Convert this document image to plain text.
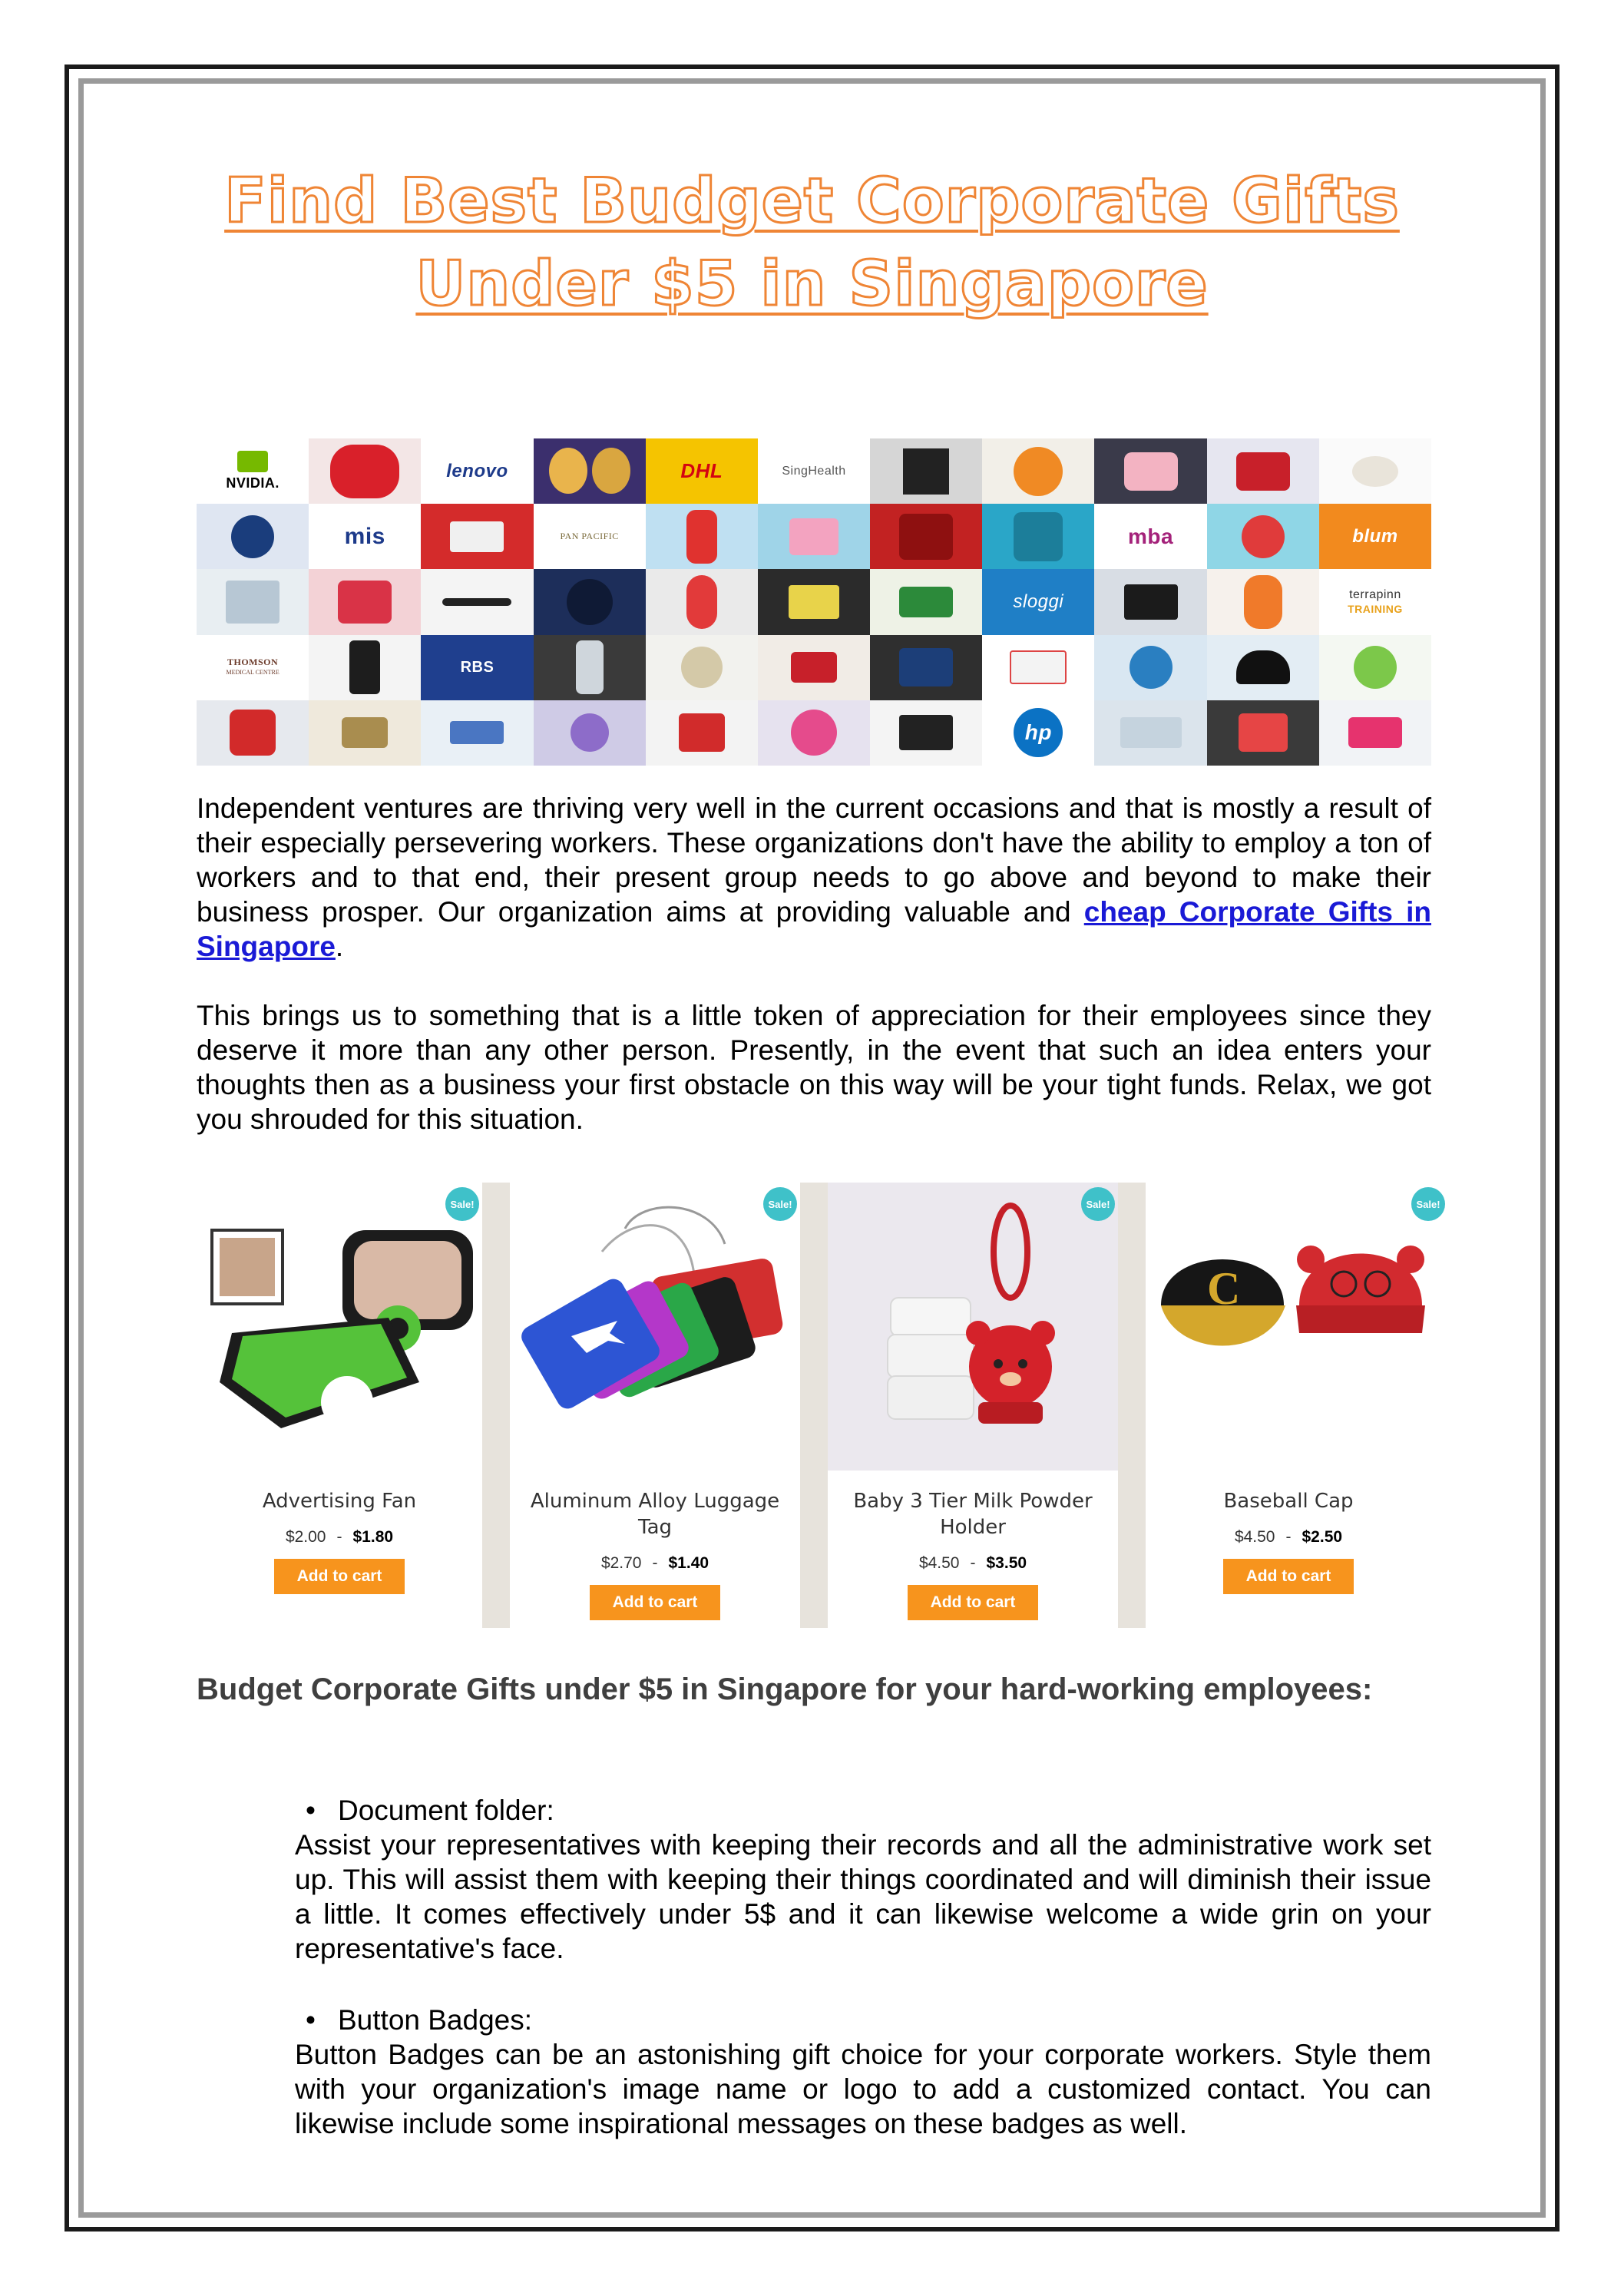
Find Best Budget Corporate Gifts
Under $5 in Singapore
NVIDIA.
lenovo	DHL	SingHealth
mis	PAN PACIFIC	mba	blum
sloggi	terrapinn
TRAINING
THOMSON
MEDICAL CENTRE	RBS
hp

Independent ventures are thriving very well in the current occasions and that is mostly a result of their especially persevering workers. These organizations don't have the ability to employ a ton of workers and to that end, their present group needs to go above and beyond to make their business prosper. Our organization aims at providing valuable and cheap Corporate Gifts in Singapore.

This brings us to something that is a little token of appreciation for their employees since they deserve it more than any other person. Presently, in the event that such an idea enters your thoughts then as a business your first obstacle on this way will be your tight funds. Relax, we got you shrouded for this situation.

Sale!
Advertising Fan
$2.00 - $1.80
Add to cart
Sale!
Aluminum Alloy Luggage Tag
$2.70 - $1.40
Add to cart
Sale!
Baby 3 Tier Milk Powder Holder
$4.50 - $3.50
Add to cart
C
Sale!
Baseball Cap
$4.50 - $2.50
Add to cart
Budget Corporate Gifts under $5 in Singapore for your hard-working employees:
• Document folder:

Assist your representatives with keeping their records and all the administrative work set up. This will assist them with keeping their things coordinated and will diminish their issue a little. It comes effectively under 5$ and it can likewise welcome a wide grin on your representative's face.

• Button Badges:

Button Badges can be an astonishing gift choice for your corporate workers. Style them with your organization's image name or logo to add a customized contact. You can likewise include some inspirational messages on these badges as well.
